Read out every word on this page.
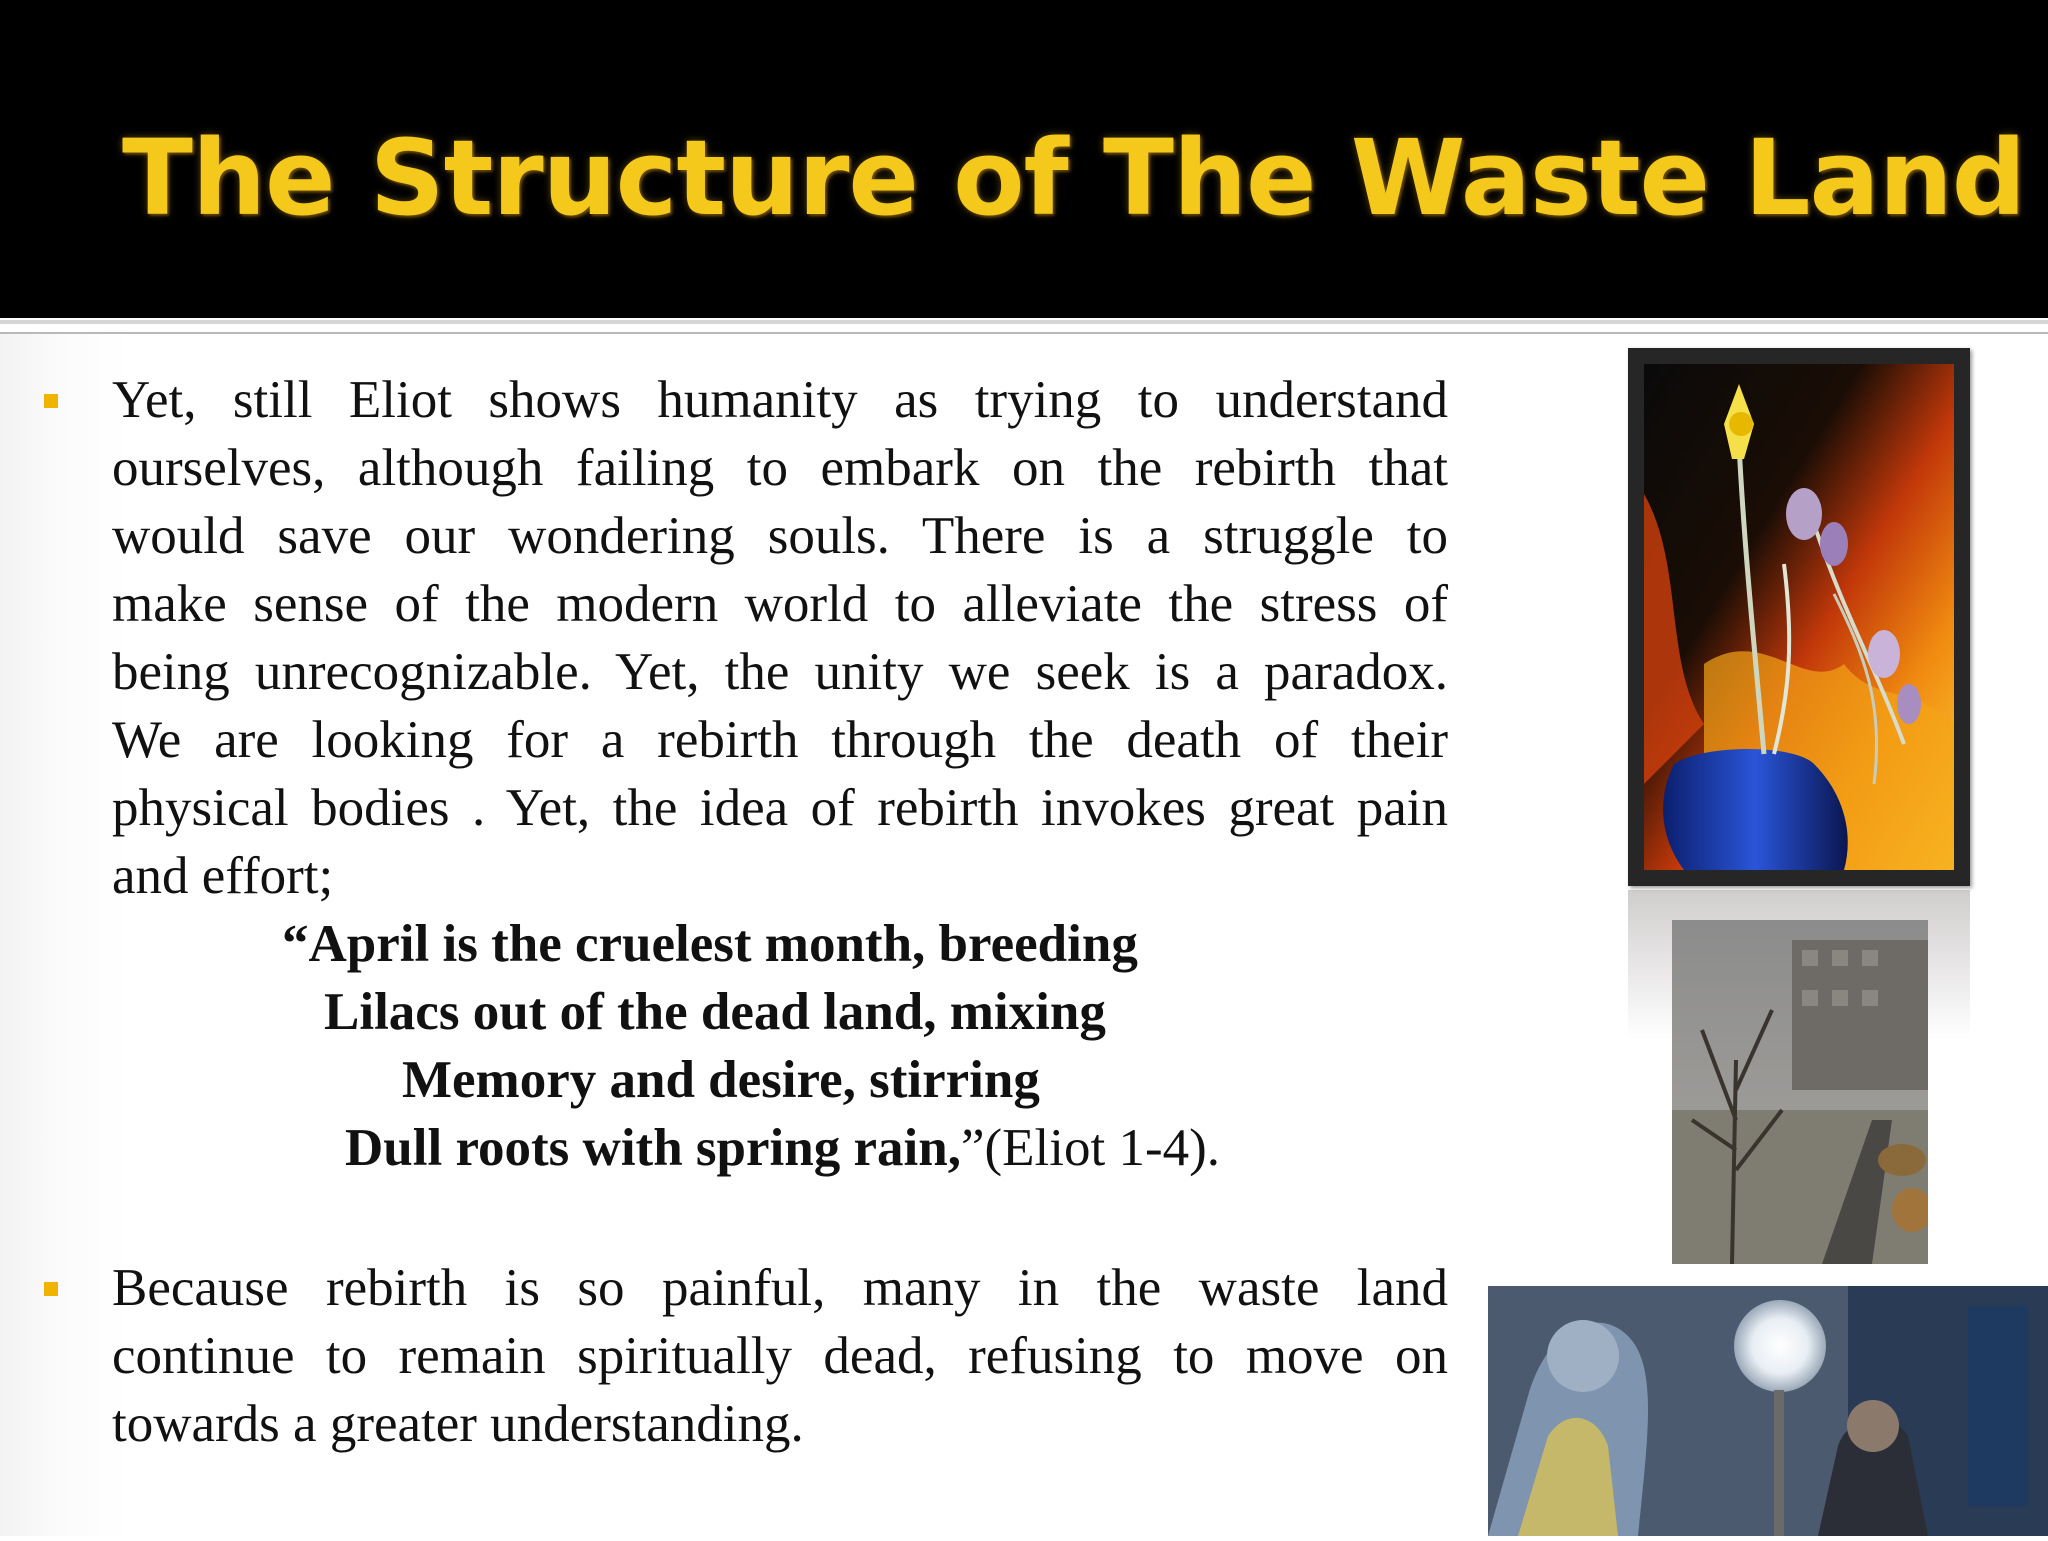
The Structure of The Waste Land

Yet, still Eliot shows humanity as trying to understand

ourselves, although failing to embark on the rebirth that

would save our wondering souls. There is a struggle to

make sense of the modern world to alleviate the stress of

being unrecognizable. Yet, the unity we seek is a paradox.

We are looking for a rebirth through the death of their

physical bodies . Yet, the idea of rebirth invokes great pain

and effort;

“April is the cruelest month, breeding

Lilacs out of the dead land, mixing

Memory and desire, stirring

Dull roots with spring rain,”(Eliot 1-4).

Because rebirth is so painful, many in the waste land

continue to remain spiritually dead, refusing to move on

towards a greater understanding.
